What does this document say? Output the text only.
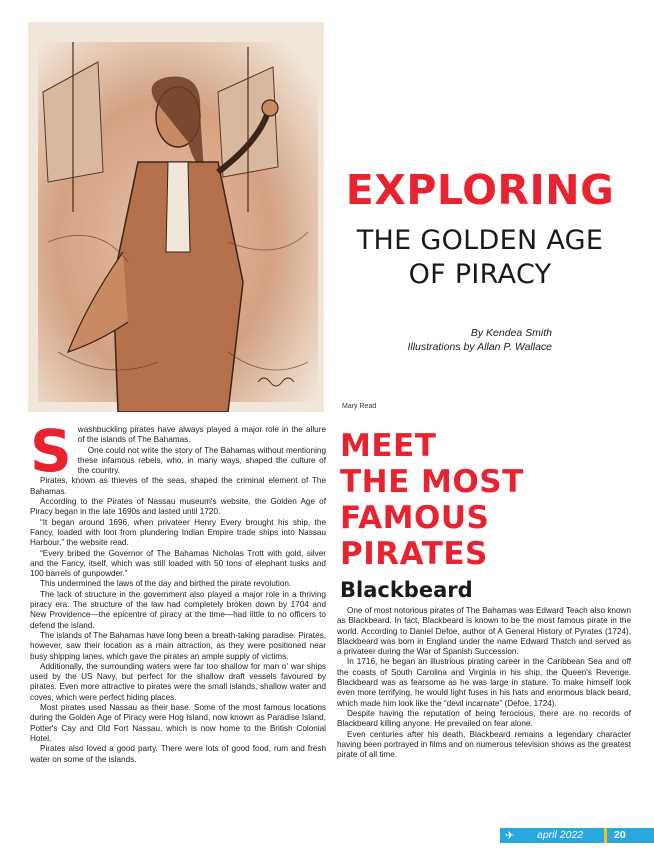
Mary Read
EXPLORING
THE GOLDEN AGE
OF PIRACY
By Kendea Smith
Illustrations by Allan P. Wallace
MEET
THE MOST
FAMOUS
PIRATES
Blackbeard

Swashbuckling pirates have always played a major role in the allure of the islands of The Bahamas.

One could not write the story of The Bahamas without mentioning these infamous rebels, who, in many ways, shaped the culture of the country.

Pirates, known as thieves of the seas, shaped the criminal element of The Bahamas.

According to the Pirates of Nassau museum's website, the Golden Age of Piracy began in the late 1690s and lasted until 1720.

“It began around 1696, when privateer Henry Every brought his ship, the Fancy, loaded with loot from plundering Indian Empire trade ships into Nassau Harbour,” the website read.

“Every bribed the Governor of The Bahamas Nicholas Trott with gold, silver and the Fancy, itself, which was still loaded with 50 tons of elephant tusks and 100 barrels of gunpowder.”

This undermined the laws of the day and birthed the pirate revolution.

The lack of structure in the government also played a major role in a thriving piracy era. The structure of the law had completely broken down by 1704 and New Providence—the epicentre of piracy at the time—had little to no officers to defend the island.

The islands of The Bahamas have long been a breath-taking paradise. Pirates, however, saw their location as a main attraction, as they were positioned near busy shipping lanes, which gave the pirates an ample supply of victims.

Additionally, the surrounding waters were far too shallow for man o' war ships used by the US Navy, but perfect for the shallow draft vessels favoured by pirates. Even more attractive to pirates were the small islands, shallow water and coves, which were perfect hiding places.

Most pirates used Nassau as their base. Some of the most famous locations during the Golden Age of Piracy were Hog Island, now known as Paradise Island, Potter's Cay and Old Fort Nassau, which is now home to the British Colonial Hotel.

Pirates also loved a good party. There were lots of good food, rum and fresh water on some of the islands.

One of most notorious pirates of The Bahamas was Edward Teach also known as Blackbeard. In fact, Blackbeard is known to be the most famous pirate in the world. According to Daniel Defoe, author of A General History of Pyrates (1724), Blackbeard was born in England under the name Edward Thatch and served as a privateer during the War of Spanish Succession.

In 1716, he began an illustrious pirating career in the Caribbean Sea and off the coasts of South Carolina and Virginia in his ship, the Queen's Revenge. Blackbeard was as fearsome as he was large in stature. To make himself look even more terrifying, he would light fuses in his hats and enormous black beard, which made him look like the “devil incarnate” (Defoe, 1724).

Despite having the reputation of being ferocious, there are no records of Blackbeard killing anyone. He prevailed on fear alone.

Even centuries after his death, Blackbeard remains a legendary character having been portrayed in films and on numerous television shows as the greatest pirate of all time.

✈ april 2022	20
